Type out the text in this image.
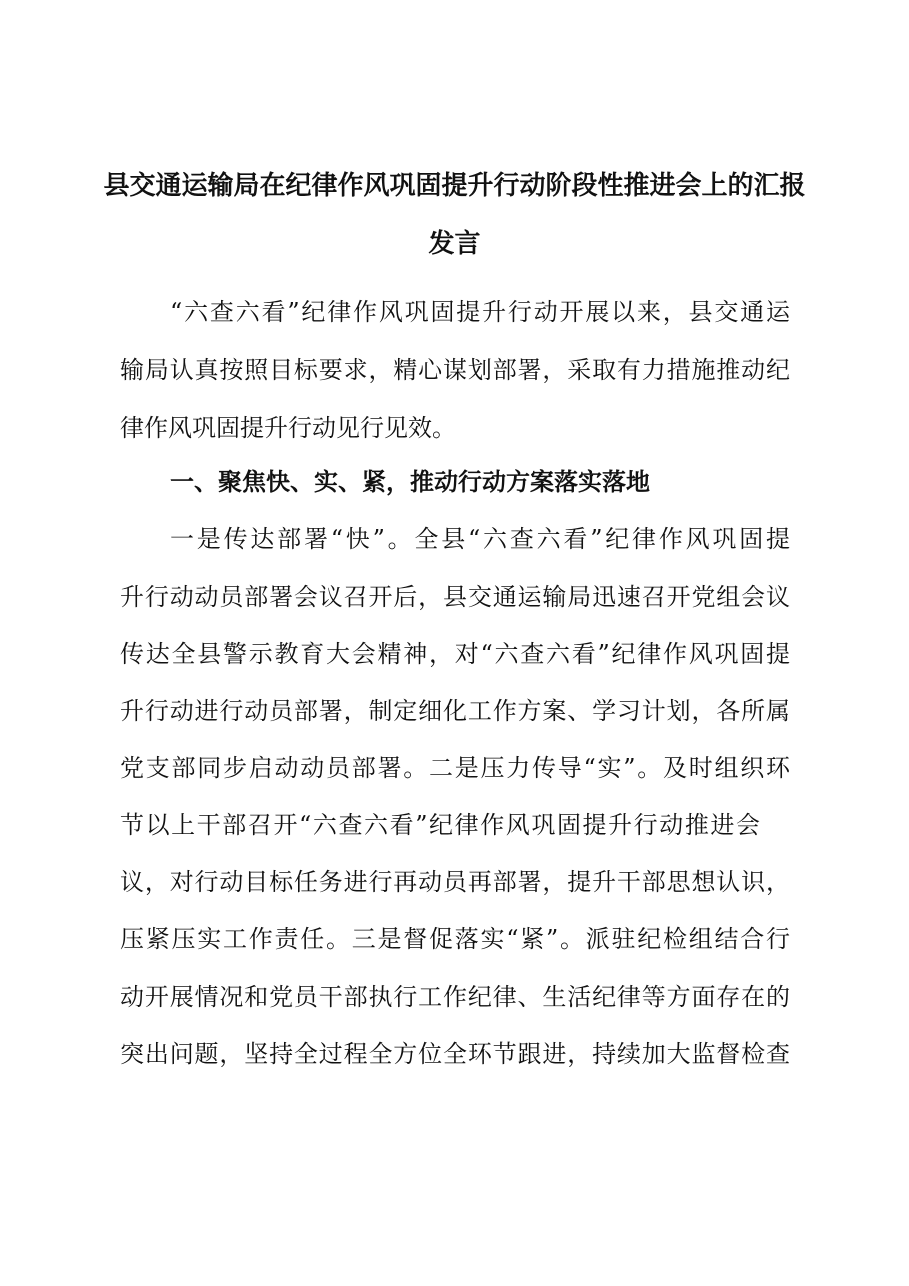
县交通运输局在纪律作风巩固提升行动阶段性推进会上的汇报
发言
“六查六看”纪律作风巩固提升行动开展以来，县交通运
输局认真按照目标要求，精心谋划部署，采取有力措施推动纪
律作风巩固提升行动见行见效。
一、聚焦快、实、紧，推动行动方案落实落地
一是传达部署“快”。全县“六查六看”纪律作风巩固提
升行动动员部署会议召开后，县交通运输局迅速召开党组会议
传达全县警示教育大会精神，对“六查六看”纪律作风巩固提
升行动进行动员部署，制定细化工作方案、学习计划，各所属
党支部同步启动动员部署。二是压力传导“实”。及时组织环
节以上干部召开“六查六看”纪律作风巩固提升行动推进会
议，对行动目标任务进行再动员再部署，提升干部思想认识，
压紧压实工作责任。三是督促落实“紧”。派驻纪检组结合行
动开展情况和党员干部执行工作纪律、生活纪律等方面存在的
突出问题，坚持全过程全方位全环节跟进，持续加大监督检查
